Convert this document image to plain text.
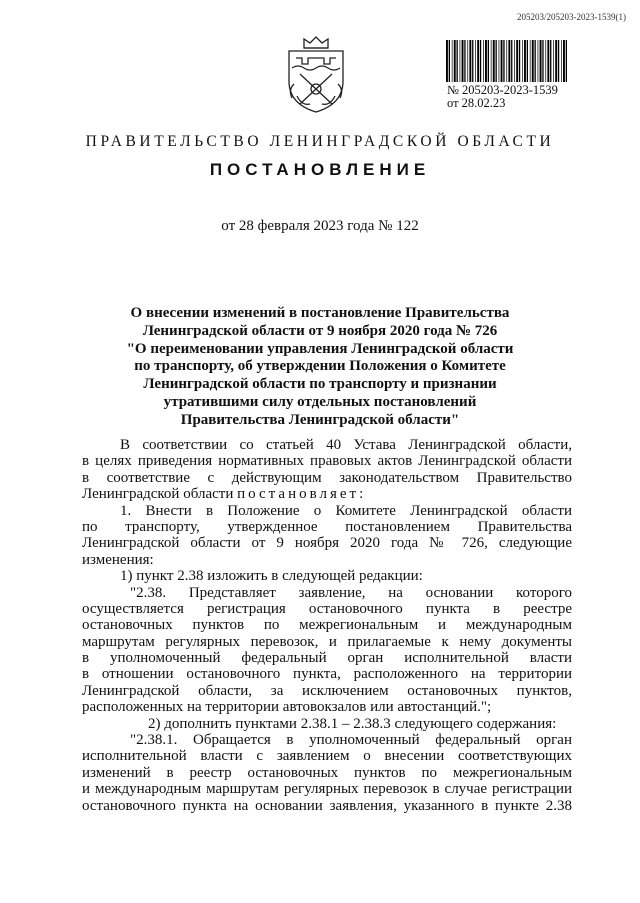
205203/205203-2023-1539(1)
№ 205203-2023-1539
от 28.02.23
ПРАВИТЕЛЬСТВО ЛЕНИНГРАДСКОЙ ОБЛАСТИ
ПОСТАНОВЛЕНИЕ
от 28 февраля 2023 года № 122
О внесении изменений в постановление Правительства
Ленинградской области от 9 ноября 2020 года № 726
"О переименовании управления Ленинградской области
по транспорту, об утверждении Положения о Комитете
Ленинградской области по транспорту и признании
утратившими силу отдельных постановлений
Правительства Ленинградской области"
В соответствии со статьей 40 Устава Ленинградской области,
в целях приведения нормативных правовых актов Ленинградской области
в соответствие с действующим законодательством Правительство
Ленинградской области постановляет:
1. Внести в Положение о Комитете Ленинградской области
по транспорту, утвержденное постановлением Правительства
Ленинградской области от 9 ноября 2020 года № 726, следующие
изменения:
1) пункт 2.38 изложить в следующей редакции:
"2.38. Представляет заявление, на основании которого
осуществляется регистрация остановочного пункта в реестре
остановочных пунктов по межрегиональным и международным
маршрутам регулярных перевозок, и прилагаемые к нему документы
в уполномоченный федеральный орган исполнительной власти
в отношении остановочного пункта, расположенного на территории
Ленинградской области, за исключением остановочных пунктов,
расположенных на территории автовокзалов или автостанций.";
2) дополнить пунктами 2.38.1 – 2.38.3 следующего содержания:
"2.38.1. Обращается в уполномоченный федеральный орган
исполнительной власти с заявлением о внесении соответствующих
изменений в реестр остановочных пунктов по межрегиональным
и международным маршрутам регулярных перевозок в случае регистрации
остановочного пункта на основании заявления, указанного в пункте 2.38
